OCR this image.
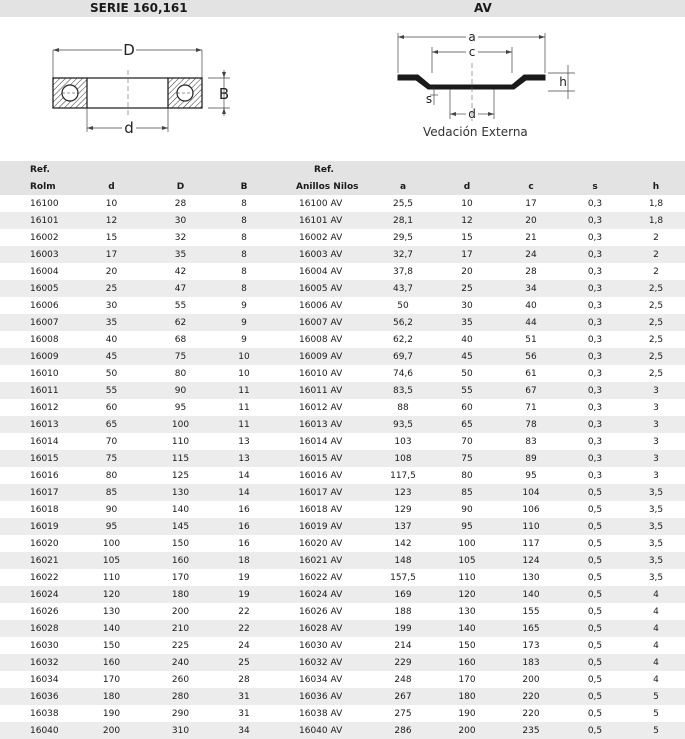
SERIE 160,161	AV
D
B
d
a
c
h
s
d
Vedación Externa
Ref.				Ref.					
Rolm	d	D	B	Anillos Nilos	a	d	c	s	h
16100	10	28	8	16100 AV	25,5	10	17	0,3	1,8
16101	12	30	8	16101 AV	28,1	12	20	0,3	1,8
16002	15	32	8	16002 AV	29,5	15	21	0,3	2
16003	17	35	8	16003 AV	32,7	17	24	0,3	2
16004	20	42	8	16004 AV	37,8	20	28	0,3	2
16005	25	47	8	16005 AV	43,7	25	34	0,3	2,5
16006	30	55	9	16006 AV	50	30	40	0,3	2,5
16007	35	62	9	16007 AV	56,2	35	44	0,3	2,5
16008	40	68	9	16008 AV	62,2	40	51	0,3	2,5
16009	45	75	10	16009 AV	69,7	45	56	0,3	2,5
16010	50	80	10	16010 AV	74,6	50	61	0,3	2,5
16011	55	90	11	16011 AV	83,5	55	67	0,3	3
16012	60	95	11	16012 AV	88	60	71	0,3	3
16013	65	100	11	16013 AV	93,5	65	78	0,3	3
16014	70	110	13	16014 AV	103	70	83	0,3	3
16015	75	115	13	16015 AV	108	75	89	0,3	3
16016	80	125	14	16016 AV	117,5	80	95	0,3	3
16017	85	130	14	16017 AV	123	85	104	0,5	3,5
16018	90	140	16	16018 AV	129	90	106	0,5	3,5
16019	95	145	16	16019 AV	137	95	110	0,5	3,5
16020	100	150	16	16020 AV	142	100	117	0,5	3,5
16021	105	160	18	16021 AV	148	105	124	0,5	3,5
16022	110	170	19	16022 AV	157,5	110	130	0,5	3,5
16024	120	180	19	16024 AV	169	120	140	0,5	4
16026	130	200	22	16026 AV	188	130	155	0,5	4
16028	140	210	22	16028 AV	199	140	165	0,5	4
16030	150	225	24	16030 AV	214	150	173	0,5	4
16032	160	240	25	16032 AV	229	160	183	0,5	4
16034	170	260	28	16034 AV	248	170	200	0,5	4
16036	180	280	31	16036 AV	267	180	220	0,5	5
16038	190	290	31	16038 AV	275	190	220	0,5	5
16040	200	310	34	16040 AV	286	200	235	0,5	5
